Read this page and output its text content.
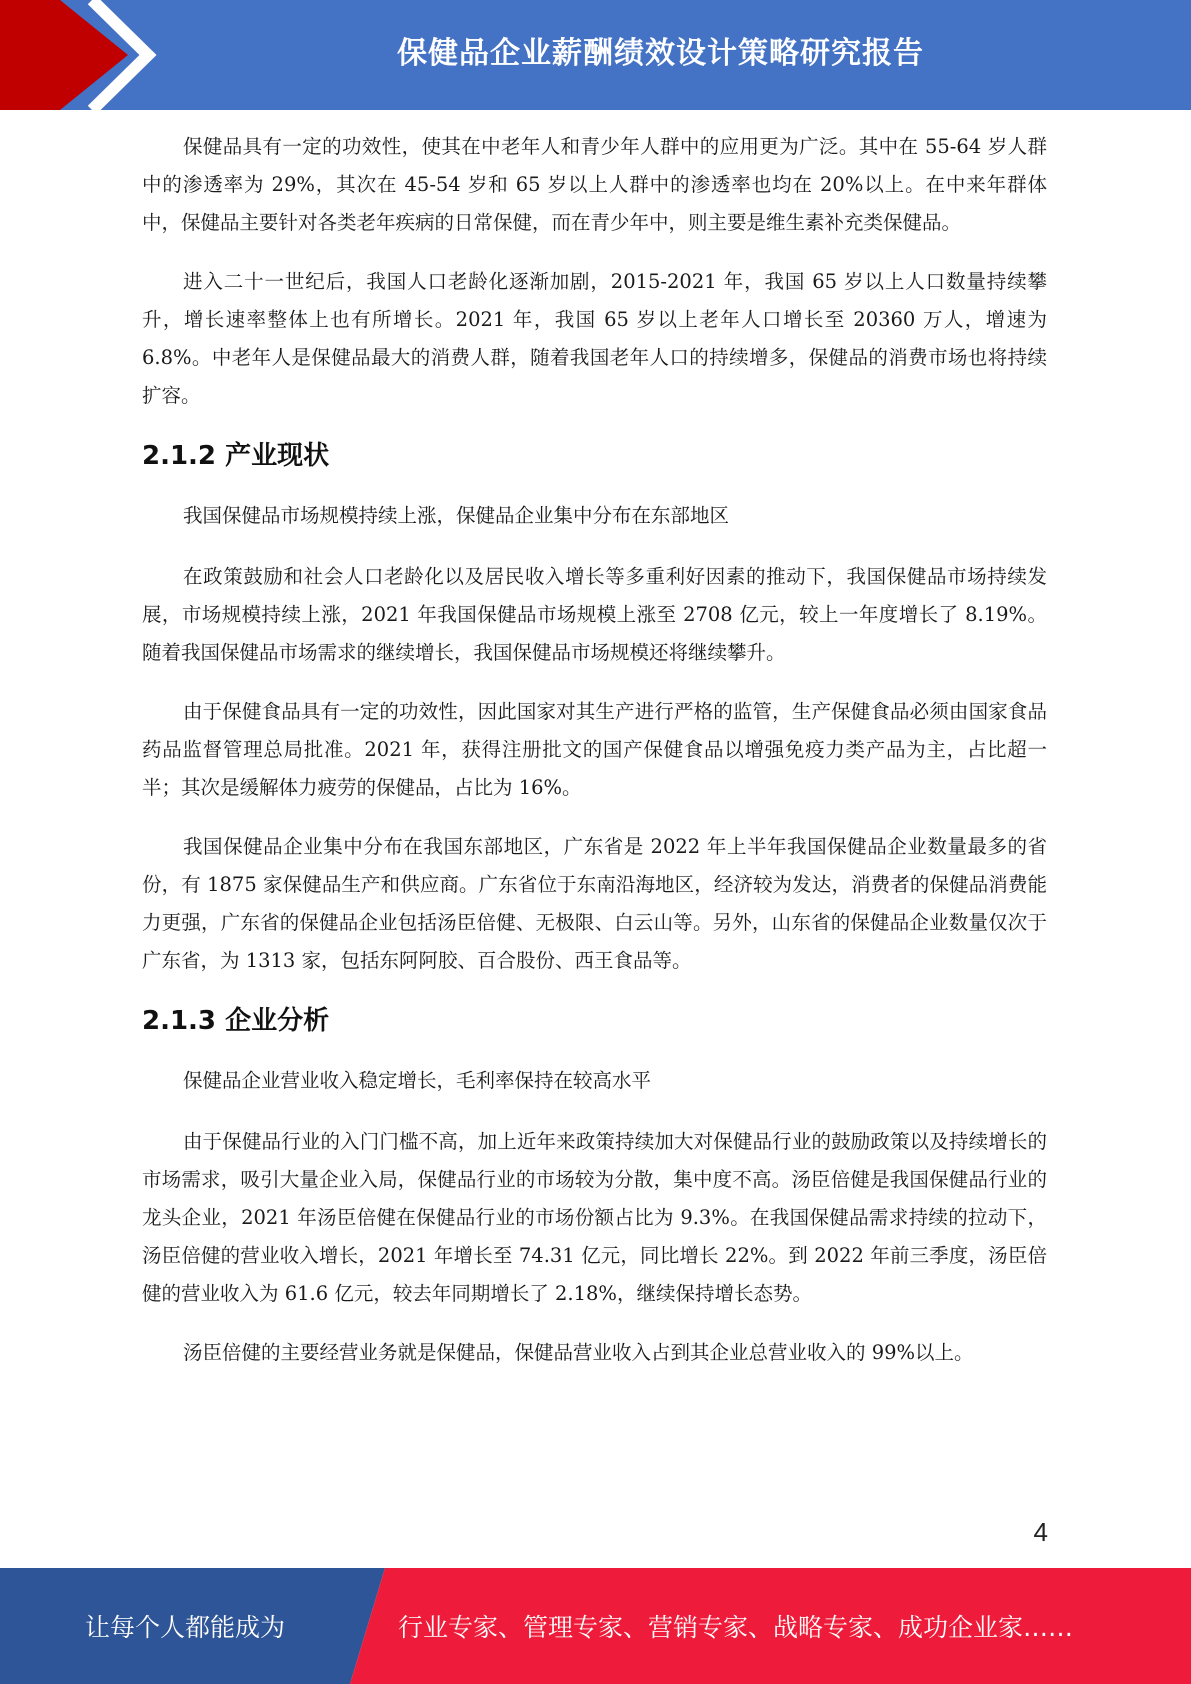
保健品企业薪酬绩效设计策略研究报告

保健品具有一定的功效性，使其在中老年人和青少年人群中的应用更为广泛。其中在 55-64 岁人群中的渗透率为 29%，其次在 45-54 岁和 65 岁以上人群中的渗透率也均在 20%以上。在中来年群体中，保健品主要针对各类老年疾病的日常保健，而在青少年中，则主要是维生素补充类保健品。

进入二十一世纪后，我国人口老龄化逐渐加剧，2015-2021 年，我国 65 岁以上人口数量持续攀升，增长速率整体上也有所增长。2021 年，我国 65 岁以上老年人口增长至 20360 万人，增速为 6.8%。中老年人是保健品最大的消费人群，随着我国老年人口的持续增多，保健品的消费市场也将持续扩容。

2.1.2 产业现状

我国保健品市场规模持续上涨，保健品企业集中分布在东部地区

在政策鼓励和社会人口老龄化以及居民收入增长等多重利好因素的推动下，我国保健品市场持续发展，市场规模持续上涨，2021 年我国保健品市场规模上涨至 2708 亿元，较上一年度增长了 8.19%。随着我国保健品市场需求的继续增长，我国保健品市场规模还将继续攀升。

由于保健食品具有一定的功效性，因此国家对其生产进行严格的监管，生产保健食品必须由国家食品药品监督管理总局批准。2021 年，获得注册批文的国产保健食品以增强免疫力类产品为主，占比超一半；其次是缓解体力疲劳的保健品，占比为 16%。

我国保健品企业集中分布在我国东部地区，广东省是 2022 年上半年我国保健品企业数量最多的省份，有 1875 家保健品生产和供应商。广东省位于东南沿海地区，经济较为发达，消费者的保健品消费能力更强，广东省的保健品企业包括汤臣倍健、无极限、白云山等。另外，山东省的保健品企业数量仅次于广东省，为 1313 家，包括东阿阿胶、百合股份、西王食品等。

2.1.3 企业分析

保健品企业营业收入稳定增长，毛利率保持在较高水平

由于保健品行业的入门门槛不高，加上近年来政策持续加大对保健品行业的鼓励政策以及持续增长的市场需求，吸引大量企业入局，保健品行业的市场较为分散，集中度不高。汤臣倍健是我国保健品行业的龙头企业，2021 年汤臣倍健在保健品行业的市场份额占比为 9.3%。在我国保健品需求持续的拉动下，汤臣倍健的营业收入增长，2021 年增长至 74.31 亿元，同比增长 22%。到 2022 年前三季度，汤臣倍健的营业收入为 61.6 亿元，较去年同期增长了 2.18%，继续保持增长态势。

汤臣倍健的主要经营业务就是保健品，保健品营业收入占到其企业总营业收入的 99%以上。

4
让每个人都能成为	行业专家、管理专家、营销专家、战略专家、成功企业家……
